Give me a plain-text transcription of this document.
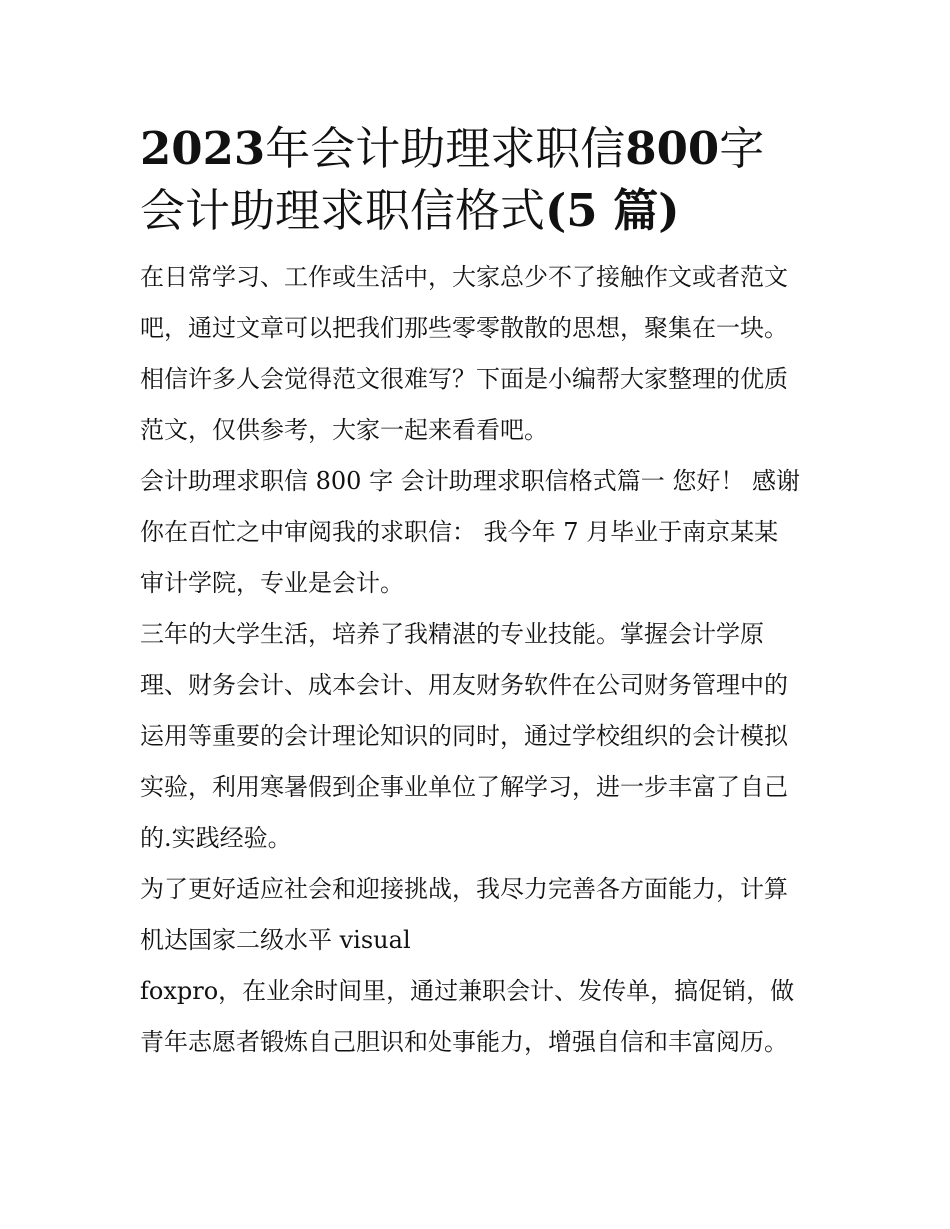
2023年会计助理求职信800字
会计助理求职信格式(5 篇)

在日常学习、工作或生活中，大家总少不了接触作文或者范文
吧，通过文章可以把我们那些零零散散的思想，聚集在一块。
相信许多人会觉得范文很难写？下面是小编帮大家整理的优质
范文，仅供参考，大家一起来看看吧。

会计助理求职信 800 字 会计助理求职信格式篇一 您好！ 感谢
你在百忙之中审阅我的求职信： 我今年 7 月毕业于南京某某
审计学院，专业是会计。

三年的大学生活，培养了我精湛的专业技能。掌握会计学原
理、财务会计、成本会计、用友财务软件在公司财务管理中的
运用等重要的会计理论知识的同时，通过学校组织的会计模拟
实验，利用寒暑假到企事业单位了解学习，进一步丰富了自己
的.实践经验。

为了更好适应社会和迎接挑战，我尽力完善各方面能力，计算
机达国家二级水平 visual

foxpro，在业余时间里，通过兼职会计、发传单，搞促销，做
青年志愿者锻炼自己胆识和处事能力，增强自信和丰富阅历。
